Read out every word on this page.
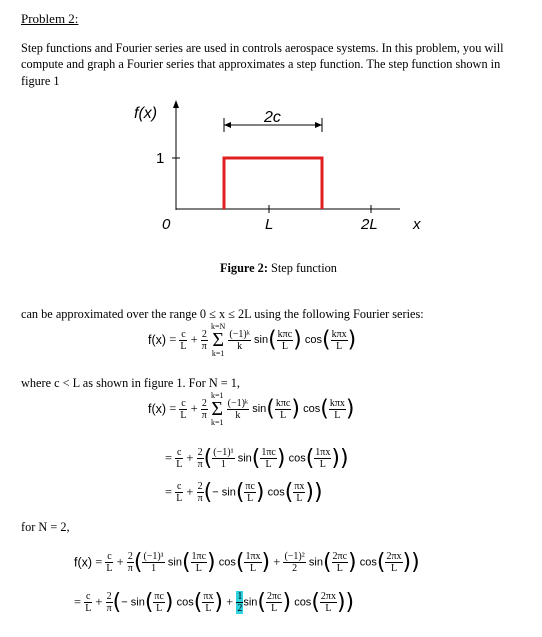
Problem 2:
Step functions and Fourier series are used in controls aerospace systems. In this problem, you will compute and graph a Fourier series that approximates a step function. The step function shown in figure 1
f(x)
1
2c
0	L	2L x
Figure 2: Step function
can be approximated over the range 0 ≤ x ≤ 2L using the following Fourier series:
$f(x) = \frac{c}{L} + \frac{2}{\pi}$
k=N
Σ
k=1
$\frac{\text{(−1)ᵏ}}{k} \sin( \frac{\text{kπc}}{L}$ ) $\cos( \frac{\text{kπx}}{L}$ )
where c < L as shown in figure 1. For N = 1,
$f(x) = \frac{c}{L} + \frac{2}{\pi}$
k=1
Σ
k=1
$\frac{\text{(−1)ᵏ}}{k} \sin( \frac{\text{kπc}}{L}$ ) $\cos( \frac{\text{kπx}}{L}$ )
= $\frac{c}{L} + \frac{2}{\pi}$ ( $\frac{\text{(−1)¹}}{1} \sin( \frac{1\pi c}{L}$ ) $\cos( \frac{1\pi x}{L}$ ))
= $\frac{c}{L} + \frac{2}{\pi}$ (− $\sin( \frac{\pi c}{L}$ ) $\cos( \frac{\pi x}{L}$ ))
for N = 2,
$f(x) = \frac{c}{L} + \frac{2}{\pi}$ ( $\frac{\text{(−1)¹}}{1} \sin( \frac{1\pi c}{L}$ ) $\cos( \frac{1\pi x}{L}$ ) + $\frac{\text{(−1)²}}{2} \sin( \frac{2\pi c}{L}$ ) $\cos( \frac{2\pi x}{L}$ ))
= $\frac{c}{L} + \frac{2}{\pi}$ (− $\sin( \frac{\pi c}{L}$ ) $\cos( \frac{\pi x}{L}$ ) + $\frac{1}{2} \sin( \frac{2\pi c}{L}$ ) $\cos( \frac{2\pi x}{L}$ ))
